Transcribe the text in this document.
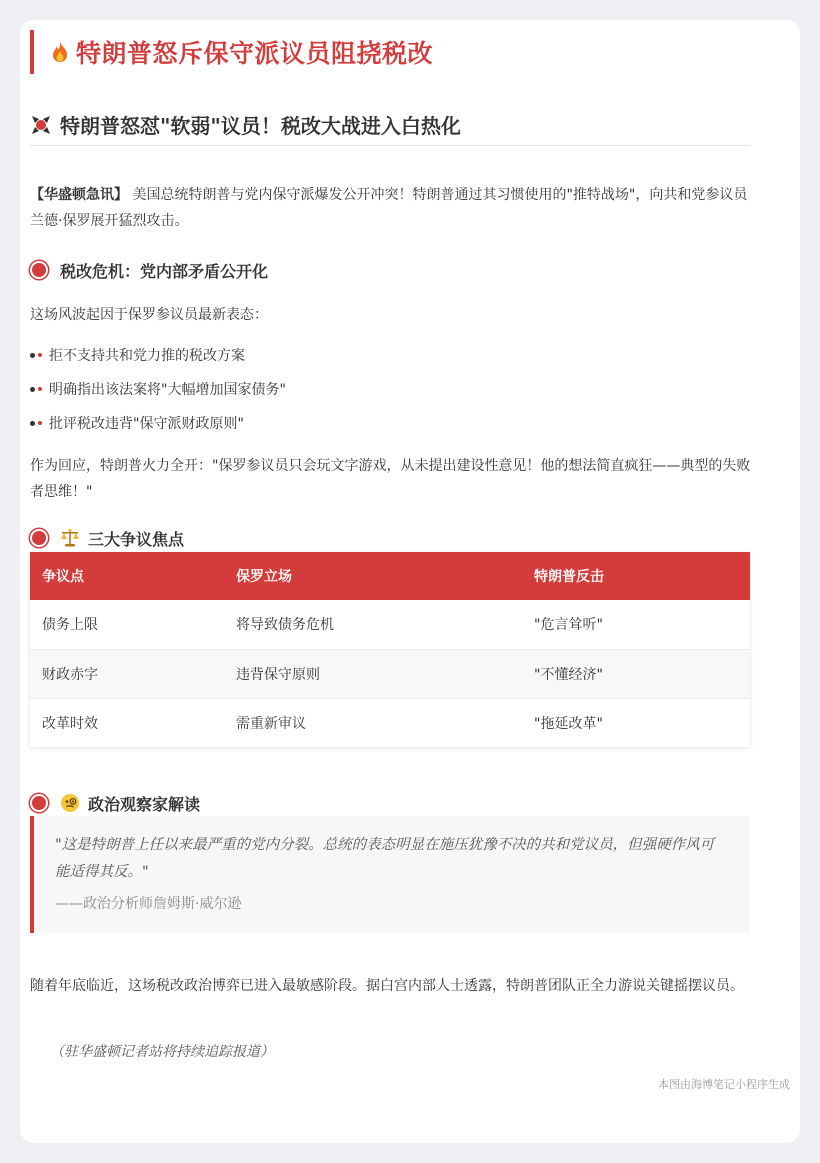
特朗普怒斥保守派议员阻挠税改
特朗普怒怼"软弱"议员！税改大战进入白热化

【华盛顿急讯】 美国总统特朗普与党内保守派爆发公开冲突！特朗普通过其习惯使用的"推特战场"，向共和党参议员兰德·保罗展开猛烈攻击。

税改危机：党内部矛盾公开化

这场风波起因于保罗参议员最新表态：

拒不支持共和党力推的税改方案
明确指出该法案将"大幅增加国家债务"
批评税改违背"保守派财政原则"

作为回应，特朗普火力全开："保罗参议员只会玩文字游戏，从未提出建设性意见！他的想法简直疯狂——典型的失败者思维！"

三大争议焦点
争议点	保罗立场	特朗普反击
债务上限	将导致债务危机	"危言耸听"
财政赤字	违背保守原则	"不懂经济"
改革时效	需重新审议	"拖延改革"
政治观察家解读
"这是特朗普上任以来最严重的党内分裂。总统的表态明显在施压犹豫不决的共和党议员，但强硬作风可能适得其反。"
——政治分析师詹姆斯·威尔逊

随着年底临近，这场税改政治博弈已进入最敏感阶段。据白宫内部人士透露，特朗普团队正全力游说关键摇摆议员。

（驻华盛顿记者站将持续追踪报道）

本图由海博笔记小程序生成
